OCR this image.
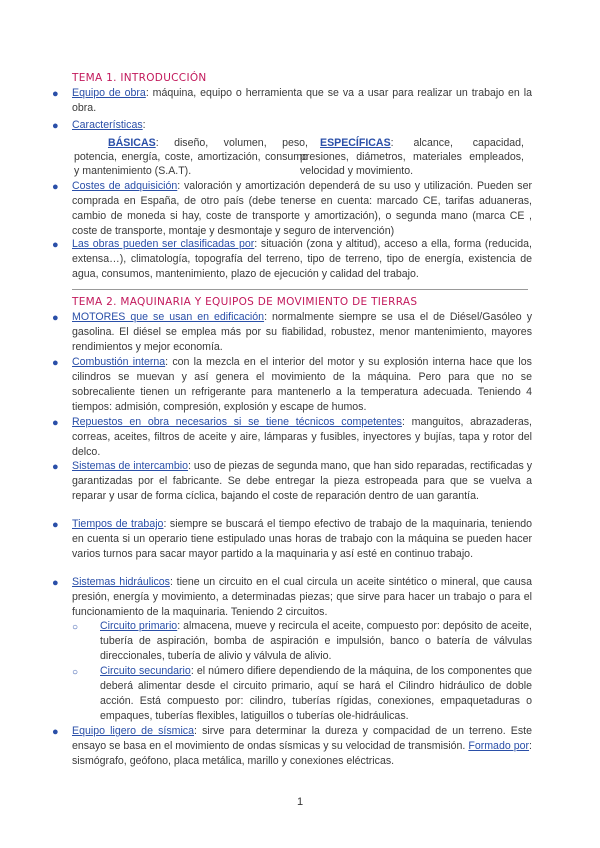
TEMA 1. INTRODUCCIÓN
●	Equipo de obra: máquina, equipo o herramienta que se va a usar para realizar un trabajo en la obra.
●	Características:
BÁSICAS: diseño, volumen, peso, potencia, energía, coste, amortización, consumo y mantenimiento (S.A.T).
ESPECÍFICAS: alcance, capacidad, presiones, diámetros, materiales empleados, velocidad y movimiento.
●	Costes de adquisición: valoración y amortización dependerá de su uso y utilización. Pueden ser comprada en España, de otro país (debe tenerse en cuenta: marcado CE, tarifas aduaneras, cambio de moneda si hay, coste de transporte y amortización), o segunda mano (marca CE , coste de transporte, montaje y desmontaje y seguro de intervención)
●	Las obras pueden ser clasificadas por: situación (zona y altitud), acceso a ella, forma (reducida, extensa…), climatología, topografía del terreno, tipo de terreno, tipo de energía, existencia de agua, consumos, mantenimiento, plazo de ejecución y calidad del trabajo.
TEMA 2. MAQUINARIA Y EQUIPOS DE MOVIMIENTO DE TIERRAS
●	MOTORES que se usan en edificación: normalmente siempre se usa el de Diésel/Gasóleo y gasolina. El diésel se emplea más por su fiabilidad, robustez, menor mantenimiento, mayores rendimientos y mejor economía.
●	Combustión interna: con la mezcla en el interior del motor y su explosión interna hace que los cilindros se muevan y así genera el movimiento de la máquina. Pero para que no se sobrecaliente tienen un refrigerante para mantenerlo a la temperatura adecuada. Teniendo 4 tiempos: admisión, compresión, explosión y escape de humos.
●	Repuestos en obra necesarios si se tiene técnicos competentes: manguitos, abrazaderas, correas, aceites, filtros de aceite y aire, lámparas y fusibles, inyectores y bujías, tapa y rotor del delco.
●	Sistemas de intercambio: uso de piezas de segunda mano, que han sido reparadas, rectificadas y garantizadas por el fabricante. Se debe entregar la pieza estropeada para que se vuelva a reparar y usar de forma cíclica, bajando el coste de reparación dentro de uan garantía.
●	Tiempos de trabajo: siempre se buscará el tiempo efectivo de trabajo de la maquinaria, teniendo en cuenta si un operario tiene estipulado unas horas de trabajo con la máquina se pueden hacer varios turnos para sacar mayor partido a la maquinaria y así esté en continuo trabajo.
●	Sistemas hidráulicos: tiene un circuito en el cual circula un aceite sintético o mineral, que causa presión, energía y movimiento, a determinadas piezas; que sirve para hacer un trabajo o para el funcionamiento de la maquinaria. Teniendo 2 circuitos.
○	Circuito primario: almacena, mueve y recircula el aceite, compuesto por: depósito de aceite, tubería de aspiración, bomba de aspiración e impulsión, banco o batería de válvulas direccionales, tubería de alivio y válvula de alivio.
○	Circuito secundario: el número difiere dependiendo de la máquina, de los componentes que deberá alimentar desde el circuito primario, aquí se hará el Cilindro hidráulico de doble acción. Está compuesto por: cilindro, tuberías rígidas, conexiones, empaquetaduras o empaques, tuberías flexibles, latiguillos o tuberías ole-hidráulicas.
●	Equipo ligero de sísmica: sirve para determinar la dureza y compacidad de un terreno. Este ensayo se basa en el movimiento de ondas sísmicas y su velocidad de transmisión. Formado por: sismógrafo, geófono, placa metálica, marillo y conexiones eléctricas.
1
